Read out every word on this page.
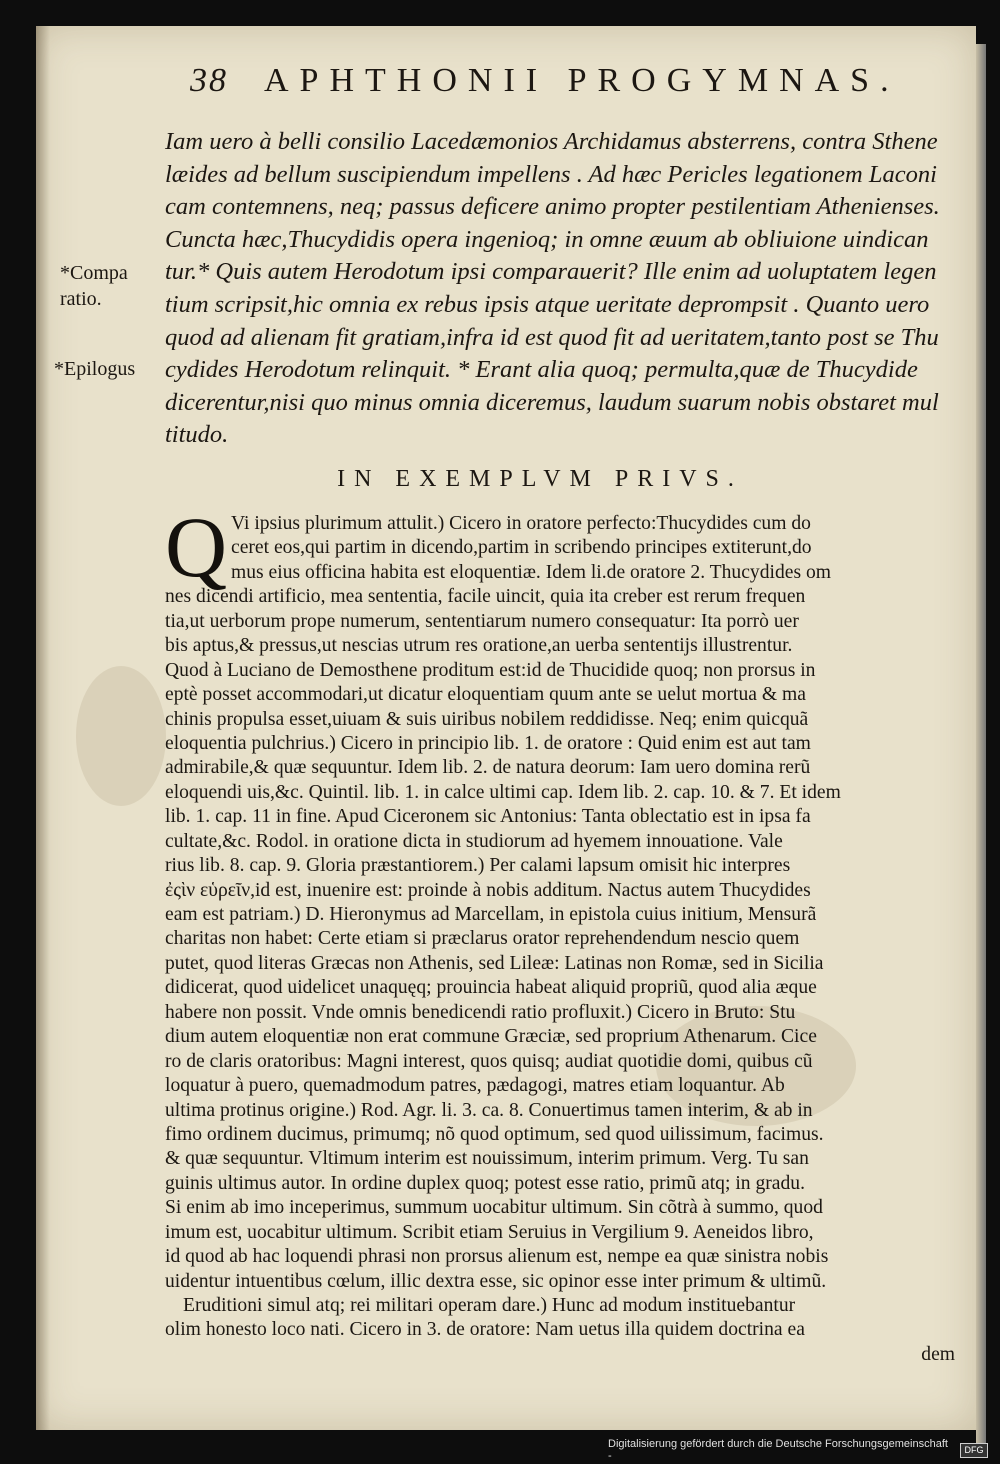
38 APHTHONII PROGYMNAS.
Iam uero à belli consilio Lacedæmonios Archidamus absterrens, contra Sthene
læides ad bellum suscipiendum impellens . Ad hæc Pericles legationem Laconi
cam contemnens, neq; passus deficere animo propter pestilentiam Athenienses.
Cuncta hæc,Thucydidis opera ingenioq; in omne æuum ab obliuione uindican
tur.* Quis autem Herodotum ipsi comparauerit? Ille enim ad uoluptatem legen
tium scripsit,hic omnia ex rebus ipsis atque ueritate deprompsit . Quanto uero
quod ad alienam fit gratiam,infra id est quod fit ad ueritatem,tanto post se Thu
cydides Herodotum relinquit. * Erant alia quoq; permulta,quæ de Thucydide
dicerentur,nisi quo minus omnia diceremus, laudum suarum nobis obstaret mul
titudo.
*Compa
ratio.
*Epilogus
IN EXEMPLVM PRIVS.
Q Vi ipsius plurimum attulit.) Cicero in oratore perfecto:Thucydides cum do
ceret eos,qui partim in dicendo,partim in scribendo principes extiterunt,do
mus eius officina habita est eloquentiæ. Idem li.de oratore 2. Thucydides om
nes dicendi artificio, mea sententia, facile uincit, quia ita creber est rerum frequen
tia,ut uerborum prope numerum, sententiarum numero consequatur: Ita porrò uer
bis aptus,& pressus,ut nescias utrum res oratione,an uerba sententijs illustrentur.
Quod à Luciano de Demosthene proditum est:id de Thucidide quoq; non prorsus in
eptè posset accommodari,ut dicatur eloquentiam quum ante se uelut mortua & ma
chinis propulsa esset,uiuam & suis uiribus nobilem reddidisse. Neq; enim quicquã
eloquentia pulchrius.) Cicero in principio lib. 1. de oratore : Quid enim est aut tam
admirabile,& quæ sequuntur. Idem lib. 2. de natura deorum: Iam uero domina rerũ
eloquendi uis,&c. Quintil. lib. 1. in calce ultimi cap. Idem lib. 2. cap. 10. & 7. Et idem
lib. 1. cap. 11 in fine. Apud Ciceronem sic Antonius: Tanta oblectatio est in ipsa fa
cultate,&c. Rodol. in oratione dicta in studiorum ad hyemem innouatione. Vale
rius lib. 8. cap. 9. Gloria præstantiorem.) Per calami lapsum omisit hic interpres
ἐςὶν εὑρεῖν,id est, inuenire est: proinde à nobis additum. Nactus autem Thucydides
eam est patriam.) D. Hieronymus ad Marcellam, in epistola cuius initium, Mensurã
charitas non habet: Certe etiam si præclarus orator reprehendendum nescio quem
putet, quod literas Græcas non Athenis, sed Lileæ: Latinas non Romæ, sed in Sicilia
didicerat, quod uidelicet unaquęq; prouincia habeat aliquid propriũ, quod alia æque
habere non possit. Vnde omnis benedicendi ratio profluxit.) Cicero in Bruto: Stu
dium autem eloquentiæ non erat commune Græciæ, sed proprium Athenarum. Cice
ro de claris oratoribus: Magni interest, quos quisq; audiat quotidie domi, quibus cũ
loquatur à puero, quemadmodum patres, pædagogi, matres etiam loquantur. Ab
ultima protinus origine.) Rod. Agr. li. 3. ca. 8. Conuertimus tamen interim, & ab in
fimo ordinem ducimus, primumq; nõ quod optimum, sed quod uilissimum, facimus.
& quæ sequuntur. Vltimum interim est nouissimum, interim primum. Verg. Tu san
guinis ultimus autor. In ordine duplex quoq; potest esse ratio, primũ atq; in gradu.
Si enim ab imo inceperimus, summum uocabitur ultimum. Sin cõtrà à summo, quod
imum est, uocabitur ultimum. Scribit etiam Seruius in Vergilium 9. Aeneidos libro,
id quod ab hac loquendi phrasi non prorsus alienum est, nempe ea quæ sinistra nobis
uidentur intuentibus cœlum, illic dextra esse, sic opinor esse inter primum & ultimũ.
Eruditioni simul atq; rei militari operam dare.) Hunc ad modum instituebantur
olim honesto loco nati. Cicero in 3. de oratore: Nam uetus illa quidem doctrina ea
dem
Digitalisierung gefördert durch die Deutsche Forschungsgemeinschaft -
DFG
